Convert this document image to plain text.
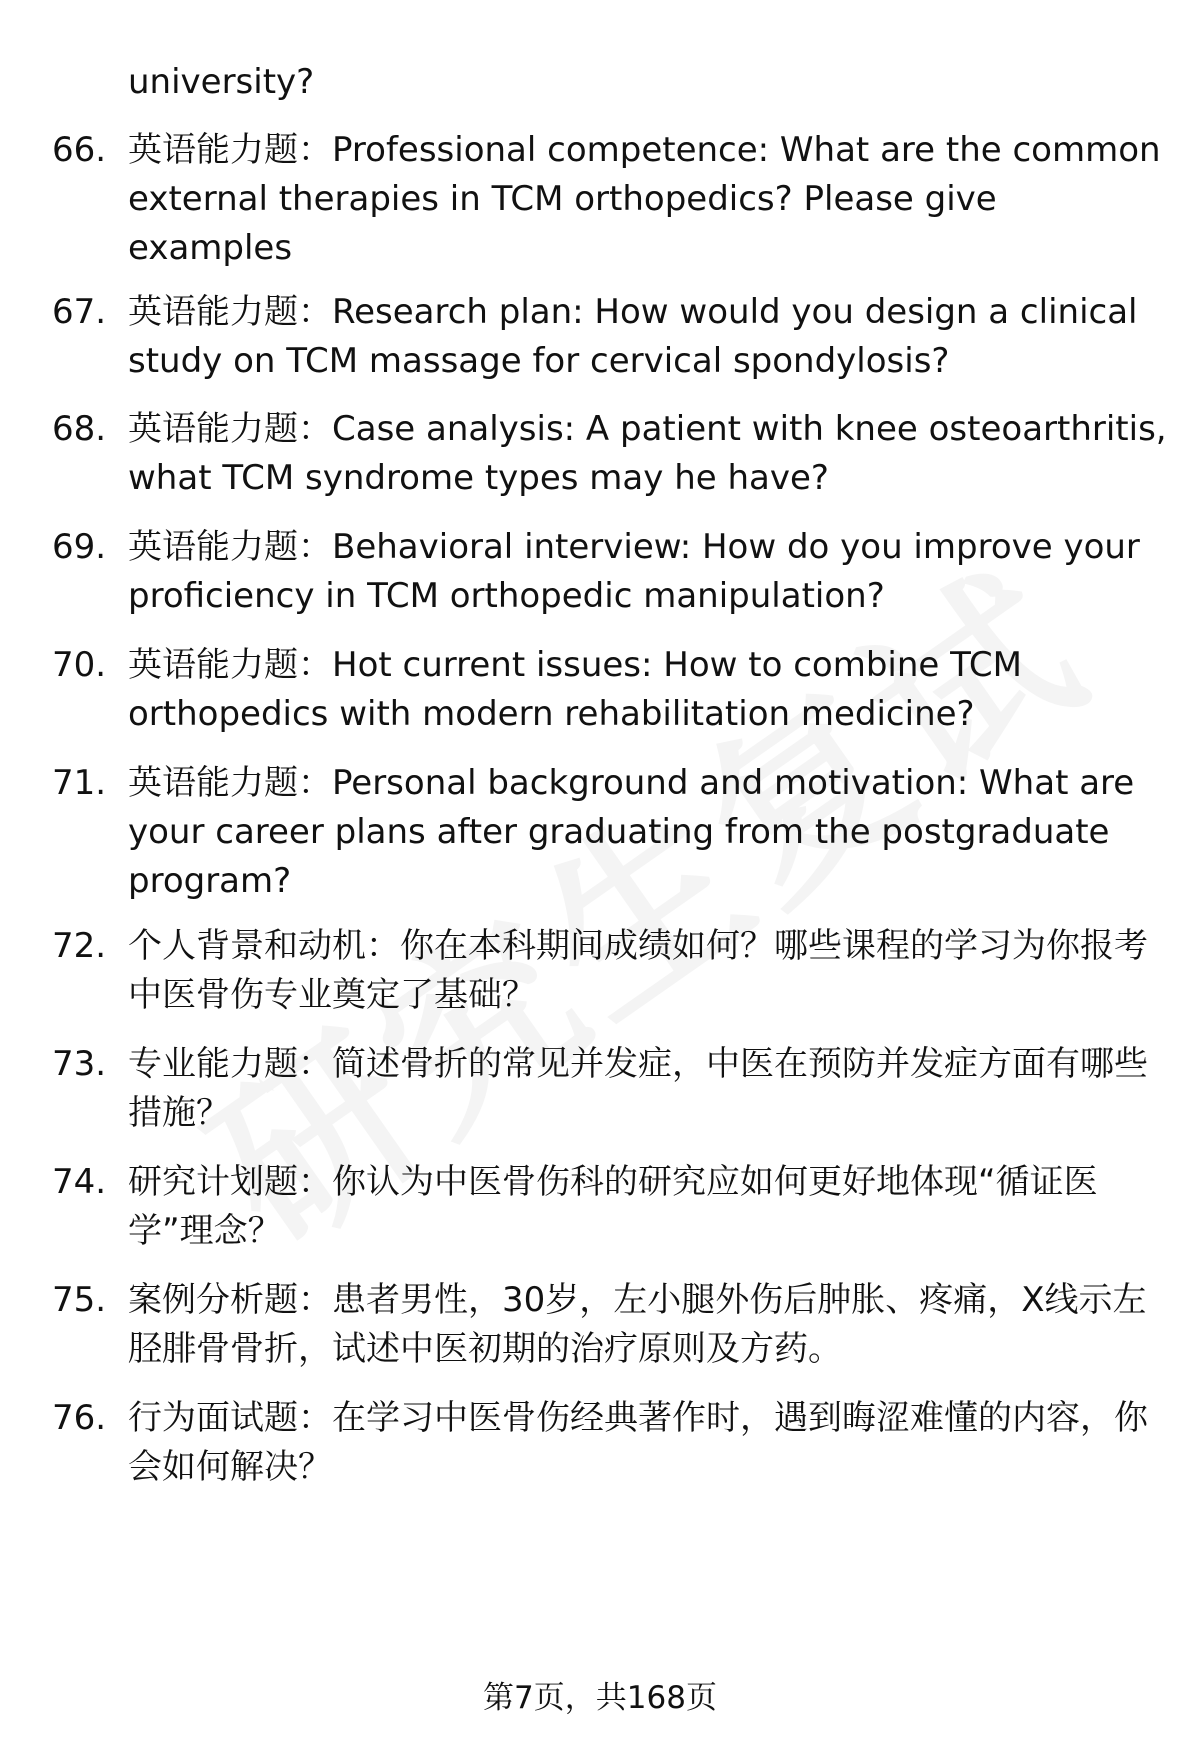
university?
66. 英语能力题：Professional competence: What are the common external therapies in TCM orthopedics? Please give examples
67. 英语能力题：Research plan: How would you design a clinical study on TCM massage for cervical spondylosis?
68. 英语能力题：Case analysis: A patient with knee osteoarthritis, what TCM syndrome types may he have?
69. 英语能力题：Behavioral interview: How do you improve your proficiency in TCM orthopedic manipulation?
70. 英语能力题：Hot current issues: How to combine TCM orthopedics with modern rehabilitation medicine?
71. 英语能力题：Personal background and motivation: What are your career plans after graduating from the postgraduate program?
72. 个人背景和动机：你在本科期间成绩如何？哪些课程的学习为你报考中医骨伤专业奠定了基础？
73. 专业能力题：简述骨折的常见并发症，中医在预防并发症方面有哪些措施？
74. 研究计划题：你认为中医骨伤科的研究应如何更好地体现“循证医学”理念？
75. 案例分析题：患者男性，30岁，左小腿外伤后肿胀、疼痛，X线示左胫腓骨骨折，试述中医初期的治疗原则及方药。
76. 行为面试题：在学习中医骨伤经典著作时，遇到晦涩难懂的内容，你会如何解决？
第7页，共168页
